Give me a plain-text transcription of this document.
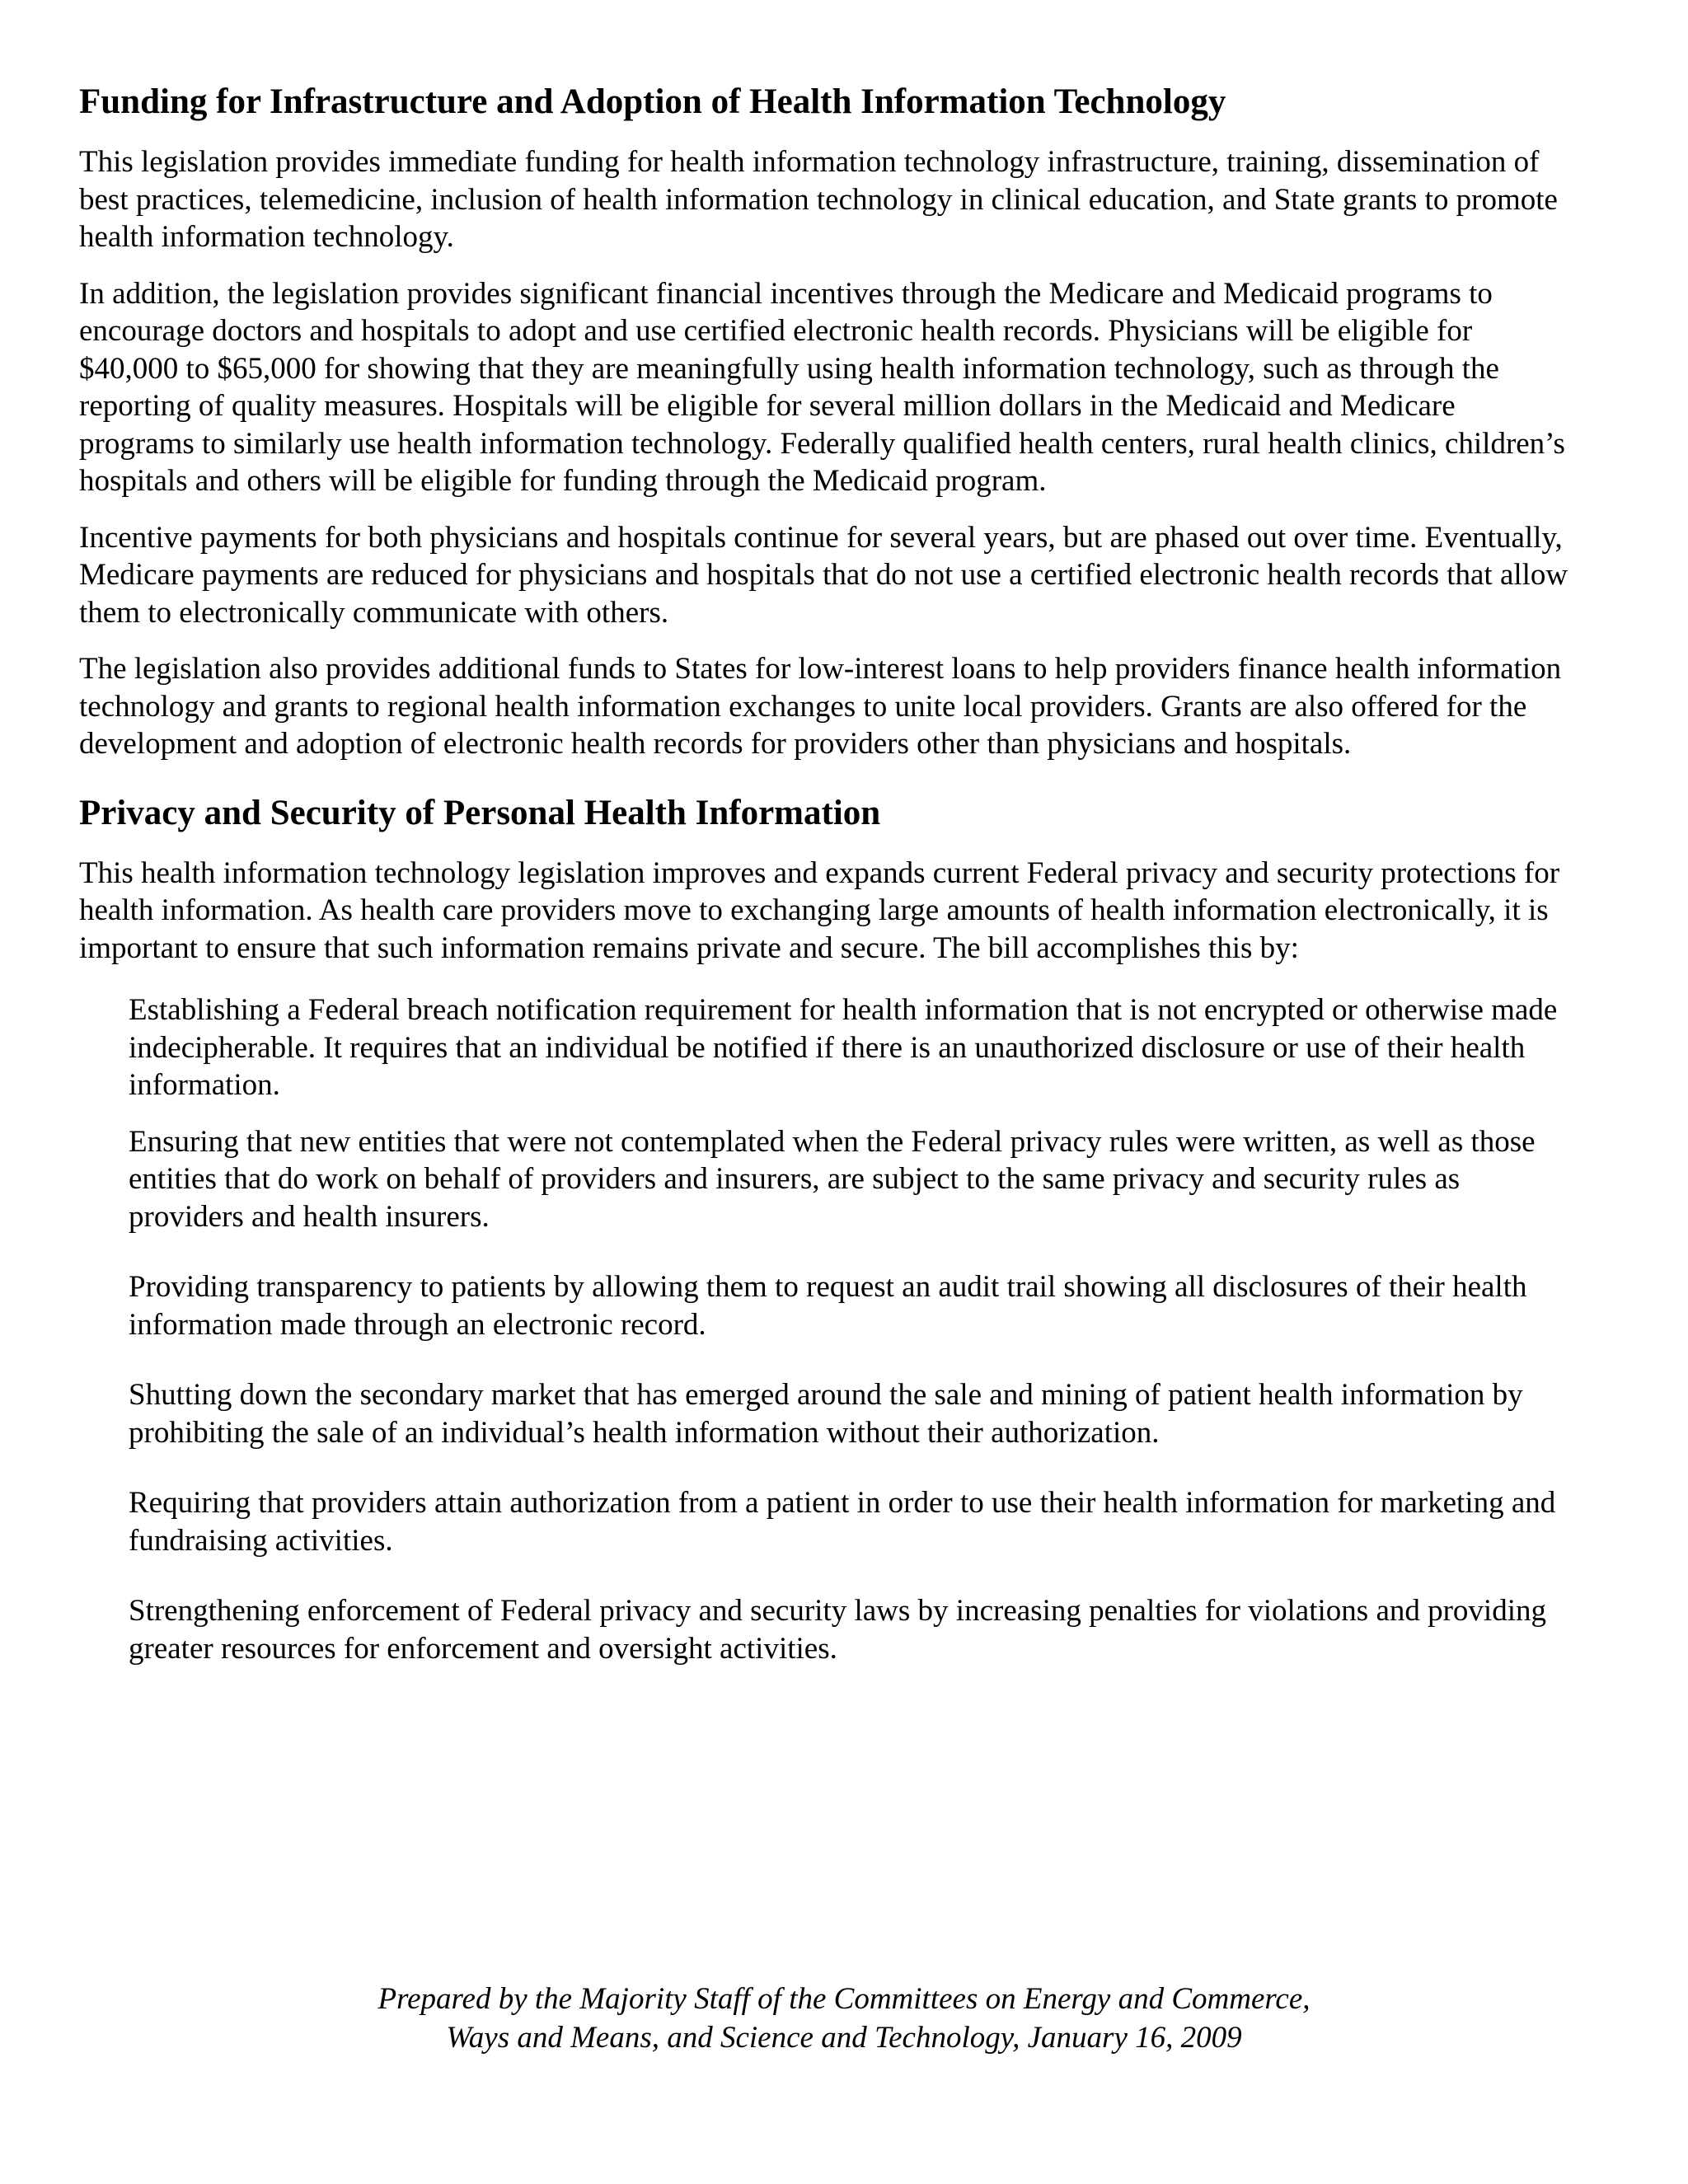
Funding for Infrastructure and Adoption of Health Information Technology

This legislation provides immediate funding for health information technology infrastructure, training, dissemination of best practices, telemedicine, inclusion of health information technology in clinical education, and State grants to promote health information technology.

In addition, the legislation provides significant financial incentives through the Medicare and Medicaid programs to encourage doctors and hospitals to adopt and use certified electronic health records. Physicians will be eligible for $40,000 to $65,000 for showing that they are meaningfully using health information technology, such as through the reporting of quality measures. Hospitals will be eligible for several million dollars in the Medicaid and Medicare programs to similarly use health information technology. Federally qualified health centers, rural health clinics, children’s hospitals and others will be eligible for funding through the Medicaid program.

Incentive payments for both physicians and hospitals continue for several years, but are phased out over time. Eventually, Medicare payments are reduced for physicians and hospitals that do not use a certified electronic health records that allow them to electronically communicate with others.

The legislation also provides additional funds to States for low-interest loans to help providers finance health information technology and grants to regional health information exchanges to unite local providers. Grants are also offered for the development and adoption of electronic health records for providers other than physicians and hospitals.

Privacy and Security of Personal Health Information

This health information technology legislation improves and expands current Federal privacy and security protections for health information. As health care providers move to exchanging large amounts of health information electronically, it is important to ensure that such information remains private and secure. The bill accomplishes this by:

Establishing a Federal breach notification requirement for health information that is not encrypted or otherwise made indecipherable. It requires that an individual be notified if there is an unauthorized disclosure or use of their health information.

Ensuring that new entities that were not contemplated when the Federal privacy rules were written, as well as those entities that do work on behalf of providers and insurers, are subject to the same privacy and security rules as providers and health insurers.

Providing transparency to patients by allowing them to request an audit trail showing all disclosures of their health information made through an electronic record.

Shutting down the secondary market that has emerged around the sale and mining of patient health information by prohibiting the sale of an individual’s health information without their authorization.

Requiring that providers attain authorization from a patient in order to use their health information for marketing and fundraising activities.

Strengthening enforcement of Federal privacy and security laws by increasing penalties for violations and providing greater resources for enforcement and oversight activities.

Prepared by the Majority Staff of the Committees on Energy and Commerce,
Ways and Means, and Science and Technology, January 16, 2009
